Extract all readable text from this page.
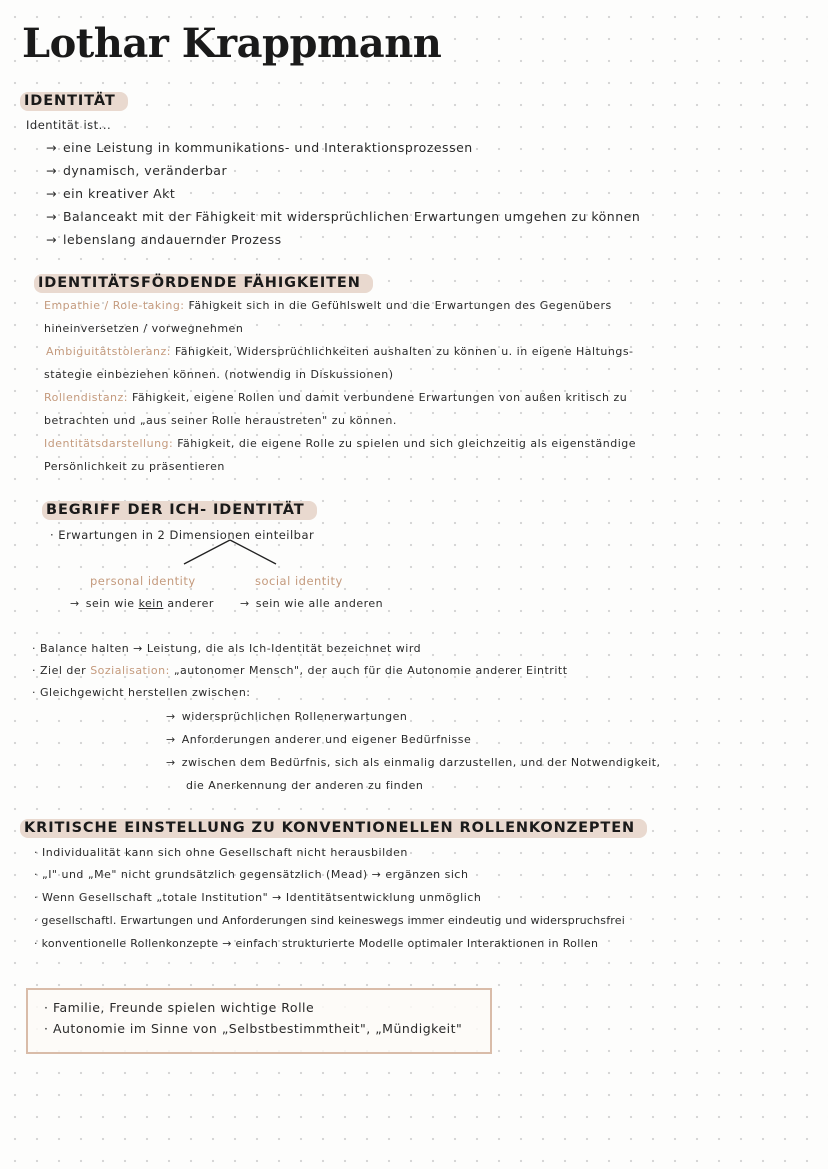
Lothar Krappmann
IDENTITÄT

Identität ist...

→ eine Leistung in kommunikations- und Interaktionsprozessen

→ dynamisch, veränderbar

→ ein kreativer Akt

→ Balanceakt mit der Fähigkeit mit widersprüchlichen Erwartungen umgehen zu können

→ lebenslang andauernder Prozess

IDENTITÄTSFÖRDENDE FÄHIGKEITEN

Empathie / Role-taking: Fähigkeit sich in die Gefühlswelt und die Erwartungen des Gegenübers

hineinversetzen / vorwegnehmen

Ambiguitätstoleranz: Fähigkeit, Widersprüchlichkeiten aushalten zu können u. in eigene Haltungs-

stategie einbeziehen können. (notwendig in Diskussionen)

Rollendistanz: Fähigkeit, eigene Rollen und damit verbundene Erwartungen von außen kritisch zu

betrachten und „aus seiner Rolle heraustreten" zu können.

Identitätsdarstellung: Fähigkeit, die eigene Rolle zu spielen und sich gleichzeitig als eigenständige

Persönlichkeit zu präsentieren

BEGRIFF DER ICH- IDENTITÄT

· Erwartungen in 2 Dimensionen einteilbar

personal identity	social identity

→ sein wie kein anderer → sein wie alle anderen

· Balance halten → Leistung, die als Ich-Identität bezeichnet wird

· Ziel der Sozialisation: „autonomer Mensch", der auch für die Autonomie anderer Eintritt

· Gleichgewicht herstellen zwischen:

→ widersprüchlichen Rollenerwartungen

→ Anforderungen anderer und eigener Bedürfnisse

→ zwischen dem Bedürfnis, sich als einmalig darzustellen, und der Notwendigkeit,

die Anerkennung der anderen zu finden

KRITISCHE EINSTELLUNG ZU KONVENTIONELLEN ROLLENKONZEPTEN

· Individualität kann sich ohne Gesellschaft nicht herausbilden

· „I" und „Me" nicht grundsätzlich gegensätzlich (Mead) → ergänzen sich

· Wenn Gesellschaft „totale Institution" → Identitätsentwicklung unmöglich

· gesellschaftl. Erwartungen und Anforderungen sind keineswegs immer eindeutig und widerspruchsfrei

· konventionelle Rollenkonzepte → einfach strukturierte Modelle optimaler Interaktionen in Rollen

· Familie, Freunde spielen wichtige Rolle

· Autonomie im Sinne von „Selbstbestimmtheit", „Mündigkeit"
